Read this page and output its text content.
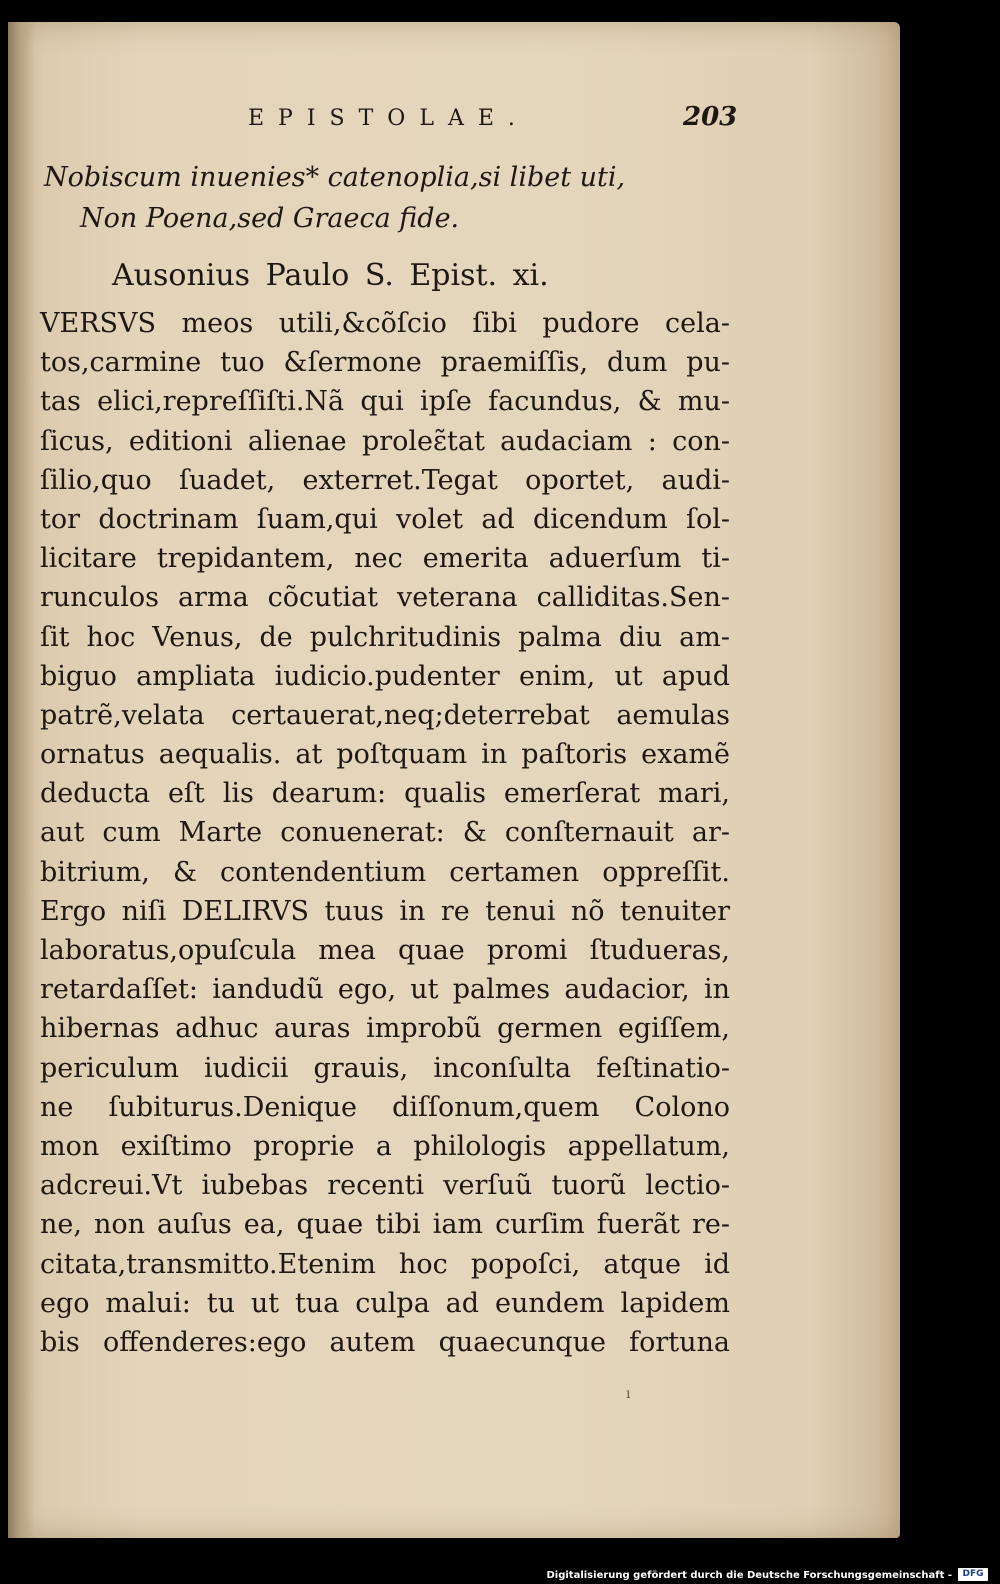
EPISTOLAE.	203
Nobiscum inuenies* catenoplia,si libet uti,
Non Poena,sed Graeca fide.
Ausonius Paulo S. Epist. xi.
VERSVS meos utili,&cõſcio ſibi pudore cela-
tos,carmine tuo &ſermone praemiſſis, dum pu-
tas elici,repreſſiſti.Nã qui ipſe facundus, & mu-
ſicus, editioni alienae proleɛ̃tat audaciam : con-
ſilio,quo ſuadet, exterret.Tegat oportet, audi-
tor doctrinam ſuam,qui volet ad dicendum ſol-
licitare trepidantem, nec emerita aduerſum ti-
runculos arma cõcutiat veterana calliditas.Sen-
ſit hoc Venus, de pulchritudinis palma diu am-
biguo ampliata iudicio.pudenter enim, ut apud
patrẽ,velata certauerat,neq;deterrebat aemulas
ornatus aequalis. at poſtquam in paſtoris examẽ
deducta eſt lis dearum: qualis emerſerat mari,
aut cum Marte conuenerat: & conſternauit ar-
bitrium, & contendentium certamen oppreſſit.
Ergo niſi DELIRVS tuus in re tenui nõ tenuiter
laboratus,opuſcula mea quae promi ſtudueras,
retardaſſet: iandudũ ego, ut palmes audacior, in
hibernas adhuc auras improbũ germen egiſſem,
periculum iudicii grauis, inconſulta feſtinatio-
ne ſubiturus.Denique diſſonum,quem Colono
mon exiſtimo proprie a philologis appellatum,
adcreui.Vt iubebas recenti verſuũ tuorũ lectio-
ne, non auſus ea, quae tibi iam curſim fuerãt re-
citata,transmitto.Etenim hoc popoſci, atque id
ego malui: tu ut tua culpa ad eundem lapidem
bis offenderes:ego autem quaecunque fortuna
ı
Digitalisierung gefördert durch die Deutsche Forschungsgemeinschaft -	DFG
